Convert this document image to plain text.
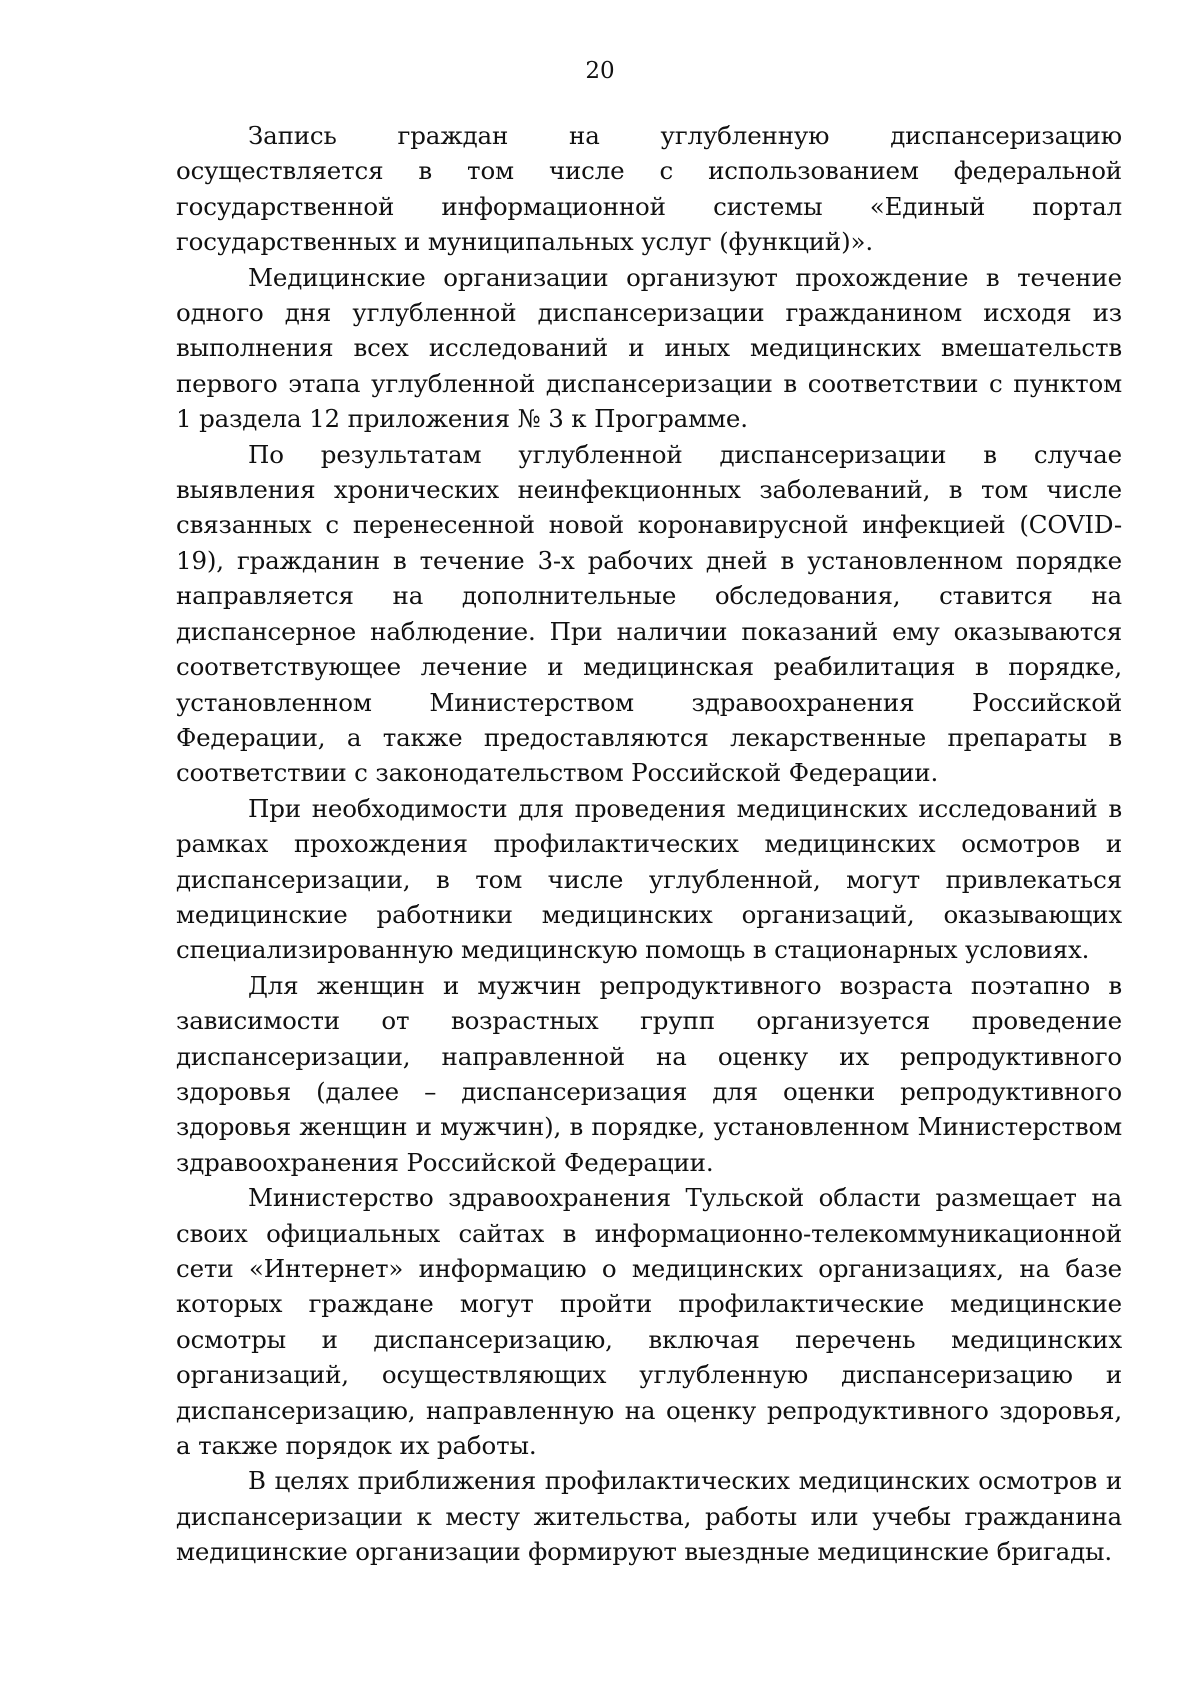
20

Запись граждан на углубленную диспансеризацию осуществляется в том числе с использованием федеральной государственной информационной системы «Единый портал государственных и муниципальных услуг (функций)».

Медицинские организации организуют прохождение в течение одного дня углубленной диспансеризации гражданином исходя из выполнения всех исследований и иных медицинских вмешательств первого этапа углубленной диспансеризации в соответствии с пунктом 1 раздела 12 приложения № 3 к Программе.

По результатам углубленной диспансеризации в случае выявления хронических неинфекционных заболеваний, в том числе связанных с перенесенной новой коронавирусной инфекцией (COVID-19), гражданин в течение 3-х рабочих дней в установленном порядке направляется на дополнительные обследования, ставится на диспансерное наблюдение. При наличии показаний ему оказываются соответствующее лечение и медицинская реабилитация в порядке, установленном Министерством здравоохранения Российской Федерации, а также предоставляются лекарственные препараты в соответствии с законодательством Российской Федерации.

При необходимости для проведения медицинских исследований в рамках прохождения профилактических медицинских осмотров и диспансеризации, в том числе углубленной, могут привлекаться медицинские работники медицинских организаций, оказывающих специализированную медицинскую помощь в стационарных условиях.

Для женщин и мужчин репродуктивного возраста поэтапно в зависимости от возрастных групп организуется проведение диспансеризации, направленной на оценку их репродуктивного здоровья (далее – диспансеризация для оценки репродуктивного здоровья женщин и мужчин), в порядке, установленном Министерством здравоохранения Российской Федерации.

Министерство здравоохранения Тульской области размещает на своих официальных сайтах в информационно-телекоммуникационной сети «Интернет» информацию о медицинских организациях, на базе которых граждане могут пройти профилактические медицинские осмотры и диспансеризацию, включая перечень медицинских организаций, осуществляющих углубленную диспансеризацию и диспансеризацию, направленную на оценку репродуктивного здоровья, а также порядок их работы.

В целях приближения профилактических медицинских осмотров и диспансеризации к месту жительства, работы или учебы гражданина медицинские организации формируют выездные медицинские бригады.
